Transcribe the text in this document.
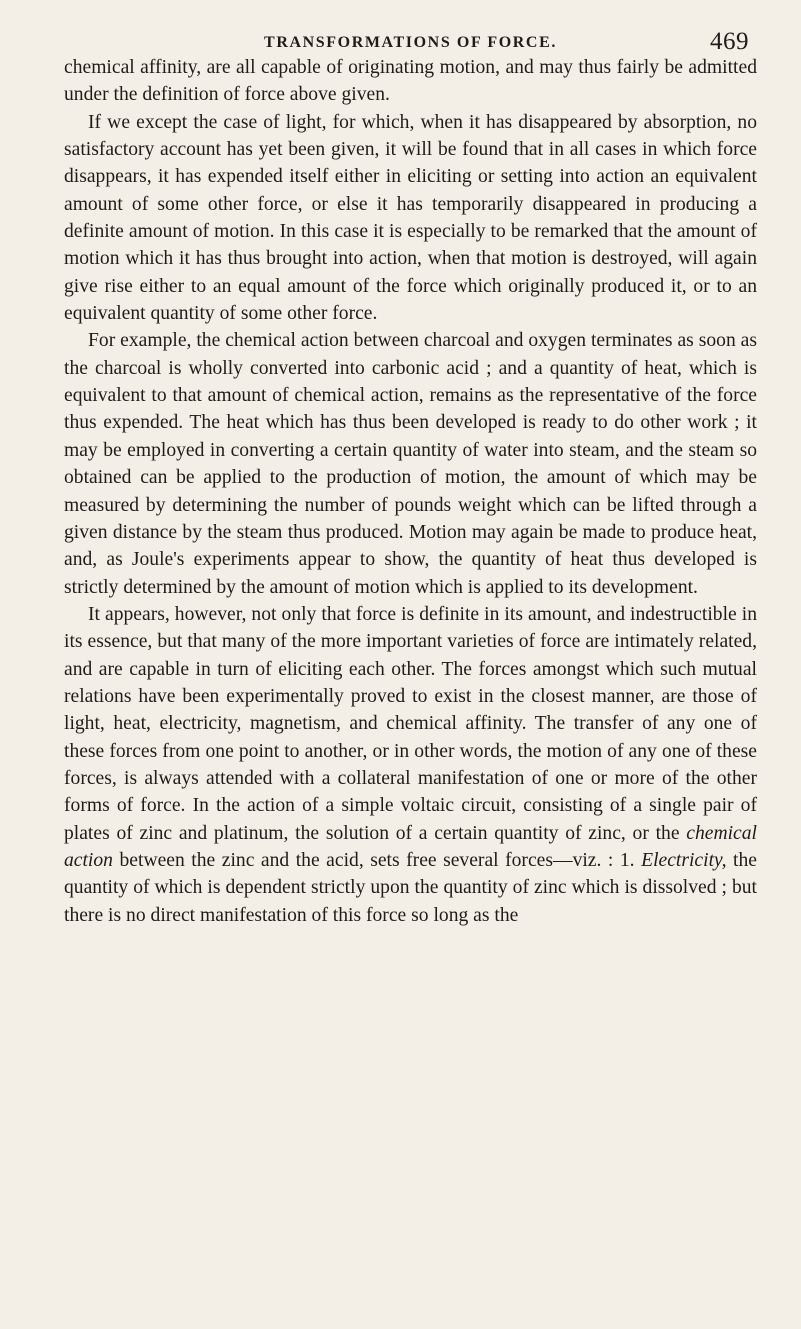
TRANSFORMATIONS OF FORCE.	469

chemical affinity, are all capable of originating motion, and may thus fairly be admitted under the definition of force above given.

If we except the case of light, for which, when it has disappeared by absorption, no satisfactory account has yet been given, it will be found that in all cases in which force disappears, it has expended itself either in eliciting or setting into action an equivalent amount of some other force, or else it has temporarily disappeared in producing a definite amount of motion. In this case it is especially to be remarked that the amount of motion which it has thus brought into action, when that motion is destroyed, will again give rise either to an equal amount of the force which originally produced it, or to an equivalent quantity of some other force.

For example, the chemical action between charcoal and oxygen terminates as soon as the charcoal is wholly converted into carbonic acid ; and a quantity of heat, which is equivalent to that amount of chemical action, remains as the representative of the force thus expended. The heat which has thus been developed is ready to do other work ; it may be employed in converting a certain quantity of water into steam, and the steam so obtained can be applied to the production of motion, the amount of which may be measured by determining the number of pounds weight which can be lifted through a given distance by the steam thus produced. Motion may again be made to produce heat, and, as Joule's experiments appear to show, the quantity of heat thus developed is strictly determined by the amount of motion which is applied to its development.

It appears, however, not only that force is definite in its amount, and indestructible in its essence, but that many of the more important varieties of force are intimately related, and are capable in turn of eliciting each other. The forces amongst which such mutual relations have been experimentally proved to exist in the closest manner, are those of light, heat, electricity, magnetism, and chemical affinity. The transfer of any one of these forces from one point to another, or in other words, the motion of any one of these forces, is always attended with a collateral manifestation of one or more of the other forms of force. In the action of a simple voltaic circuit, consisting of a single pair of plates of zinc and platinum, the solution of a certain quantity of zinc, or the chemical action between the zinc and the acid, sets free several forces—viz. : 1. Electricity, the quantity of which is dependent strictly upon the quantity of zinc which is dissolved ; but there is no direct manifestation of this force so long as the
